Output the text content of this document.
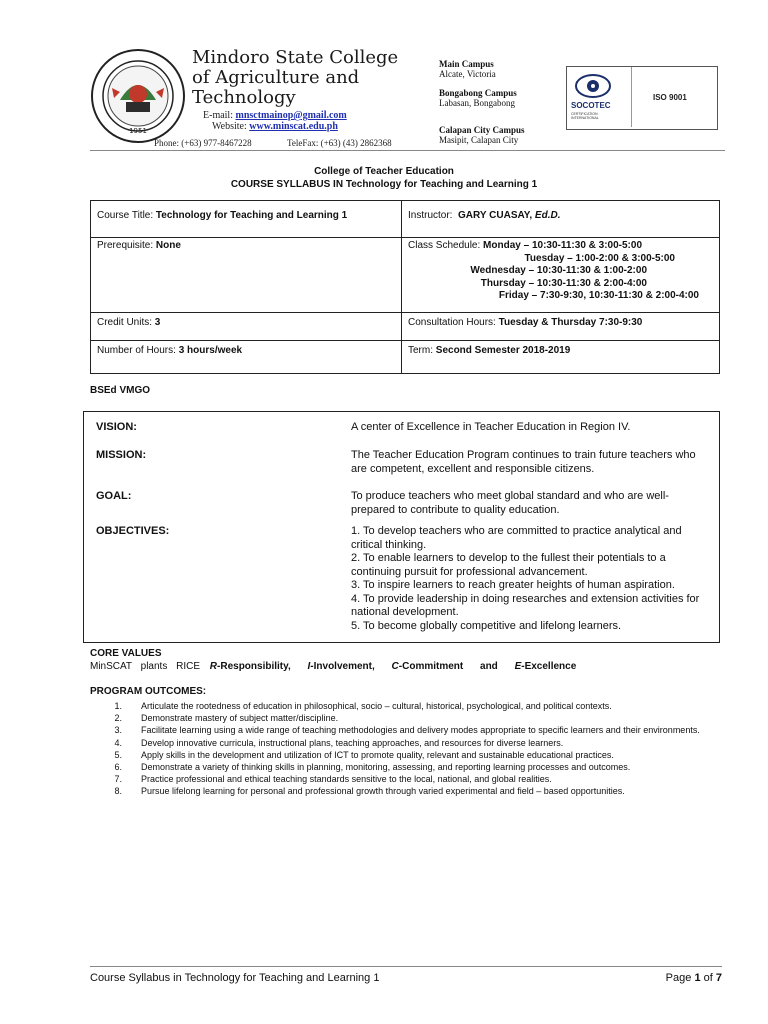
1951
Mindoro State College
of Agriculture and
Technology
E-mail: mnsctmainop@gmail.com
Website: www.minscat.edu.ph
Phone: (+63) 977-8467228	TeleFax: (+63) (43) 2862368
Main Campus
Alcate, Victoria
Bongabong Campus
Labasan, Bongabong
Calapan City Campus
Masipit, Calapan City
SOCOTEC
CERTIFICATION INTERNATIONAL
ISO 9001
College of Teacher Education
COURSE SYLLABUS IN Technology for Teaching and Learning 1
Course Title: Technology for Teaching and Learning 1	Instructor: GARY CUASAY, Ed.D.

Prerequisite: None	Class Schedule: Monday – 10:30-11:30 & 3:00-5:00
Tuesday – 1:00-2:00 & 3:00-5:00
Wednesday – 10:30-11:30 & 1:00-2:00
Thursday – 10:30-11:30 & 2:00-4:00
Friday – 7:30-9:30, 10:30-11:30 & 2:00-4:00

Credit Units: 3	Consultation Hours: Tuesday & Thursday 7:30-9:30

Number of Hours: 3 hours/week	Term: Second Semester 2018-2019
BSEd VMGO
VISION:	A center of Excellence in Teacher Education in Region IV.
MISSION:	The Teacher Education Program continues to train future teachers who
are competent, excellent and responsible citizens.
GOAL:	To produce teachers who meet global standard and who are well-
prepared to contribute to quality education.
OBJECTIVES:	1. To develop teachers who are committed to practice analytical and
critical thinking.
2. To enable learners to develop to the fullest their potentials to a
continuing pursuit for professional advancement.
3. To inspire learners to reach greater heights of human aspiration.
4. To provide leadership in doing researches and extension activities for
national development.
5. To become globally competitive and lifelong learners.
CORE VALUES
MinSCAT plants RICE R-Responsibility, I-Involvement, C-Commitment and E-Excellence
PROGRAM OUTCOMES:
1.	Articulate the rootedness of education in philosophical, socio – cultural, historical, psychological, and political contexts.
2.	Demonstrate mastery of subject matter/discipline.
3.	Facilitate learning using a wide range of teaching methodologies and delivery modes appropriate to specific learners and their environments.
4.	Develop innovative curricula, instructional plans, teaching approaches, and resources for diverse learners.
5.	Apply skills in the development and utilization of ICT to promote quality, relevant and sustainable educational practices.
6.	Demonstrate a variety of thinking skills in planning, monitoring, assessing, and reporting learning processes and outcomes.
7.	Practice professional and ethical teaching standards sensitive to the local, national, and global realities.
8.	Pursue lifelong learning for personal and professional growth through varied experimental and field – based opportunities.
Course Syllabus in Technology for Teaching and Learning 1	Page 1 of 7
